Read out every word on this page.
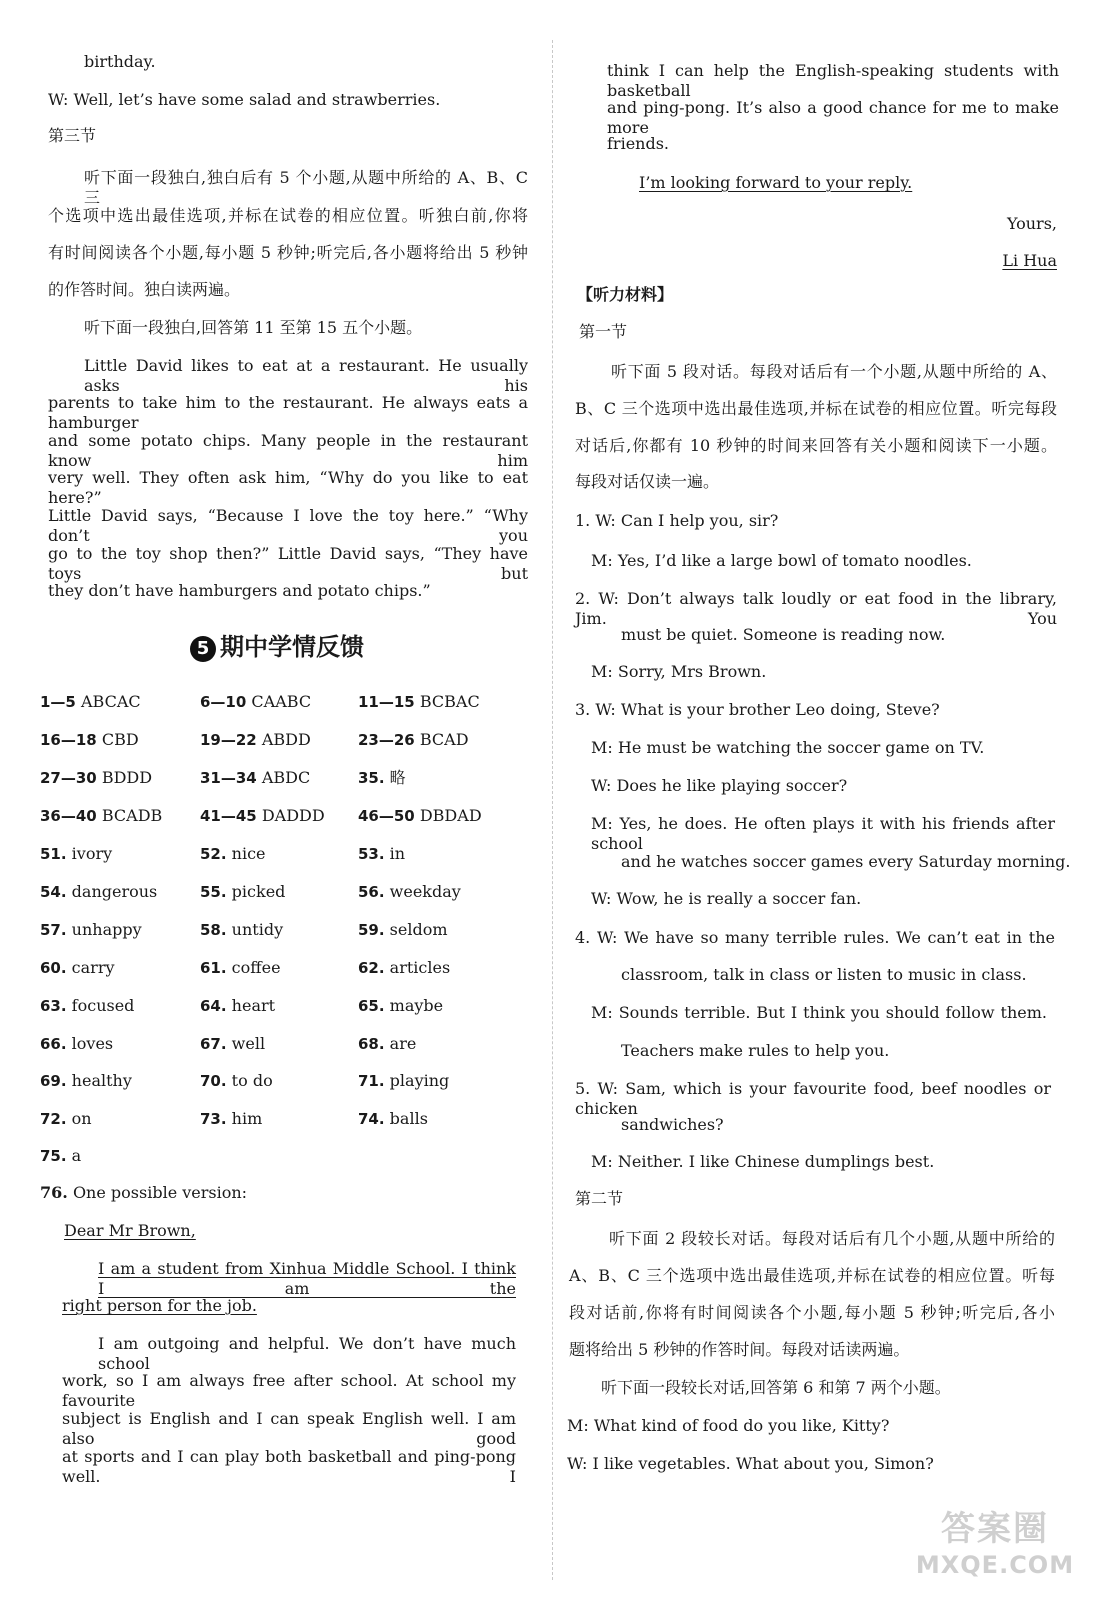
birthday.
W: Well, let’s have some salad and strawberries.
第三节
听下面一段独白,独白后有 5 个小题,从题中所给的 A、B、C 三
个选项中选出最佳选项,并标在试卷的相应位置。听独白前,你将
有时间阅读各个小题,每小题 5 秒钟;听完后,各小题将给出 5 秒钟
的作答时间。独白读两遍。
听下面一段独白,回答第 11 至第 15 五个小题。
Little David likes to eat at a restaurant. He usually asks his
parents to take him to the restaurant. He always eats a hamburger
and some potato chips. Many people in the restaurant know him
very well. They often ask him, “Why do you like to eat here?”
Little David says, “Because I love the toy here.” “Why don’t you
go to the toy shop then?” Little David says, “They have toys but
they don’t have hamburgers and potato chips.”
5 期中学情反馈
1—5 ABCAC	6—10 CAABC	11—15 BCBAC
16—18 CBD	19—22 ABDD	23—26 BCAD
27—30 BDDD	31—34 ABDC	35. 略
36—40 BCADB	41—45 DADDD 46—50 DBDAD
51. ivory	52. nice	53. in
54. dangerous	55. picked	56. weekday
57. unhappy	58. untidy	59. seldom
60. carry	61. coffee	62. articles
63. focused	64. heart	65. maybe
66. loves	67. well	68. are
69. healthy	70. to do	71. playing
72. on	73. him	74. balls
75. a
76. One possible version:
Dear Mr Brown,
I am a student from Xinhua Middle School. I think I am the
right person for the job.
I am outgoing and helpful. We don’t have much school
work, so I am always free after school. At school my favourite
subject is English and I can speak English well. I am also good
at sports and I can play both basketball and ping-pong well. I
think I can help the English-speaking students with basketball
and ping-pong. It’s also a good chance for me to make more
friends.
I’m looking forward to your reply.
Yours,
Li Hua
【听力材料】
第一节
听下面 5 段对话。每段对话后有一个小题,从题中所给的 A、
B、C 三个选项中选出最佳选项,并标在试卷的相应位置。听完每段
对话后,你都有 10 秒钟的时间来回答有关小题和阅读下一小题。
每段对话仅读一遍。
1. W: Can I help you, sir?
M: Yes, I’d like a large bowl of tomato noodles.
2. W: Don’t always talk loudly or eat food in the library, Jim. You
must be quiet. Someone is reading now.
M: Sorry, Mrs Brown.
3. W: What is your brother Leo doing, Steve?
M: He must be watching the soccer game on TV.
W: Does he like playing soccer?
M: Yes, he does. He often plays it with his friends after school
and he watches soccer games every Saturday morning.
W: Wow, he is really a soccer fan.
4. W: We have so many terrible rules. We can’t eat in the
classroom, talk in class or listen to music in class.
M: Sounds terrible. But I think you should follow them.
Teachers make rules to help you.
5. W: Sam, which is your favourite food, beef noodles or chicken
sandwiches?
M: Neither. I like Chinese dumplings best.
第二节
听下面 2 段较长对话。每段对话后有几个小题,从题中所给的
A、B、C 三个选项中选出最佳选项,并标在试卷的相应位置。听每
段对话前,你将有时间阅读各个小题,每小题 5 秒钟;听完后,各小
题将给出 5 秒钟的作答时间。每段对话读两遍。
听下面一段较长对话,回答第 6 和第 7 两个小题。
M: What kind of food do you like, Kitty?
W: I like vegetables. What about you, Simon?
答案圈
MXQE.COM
